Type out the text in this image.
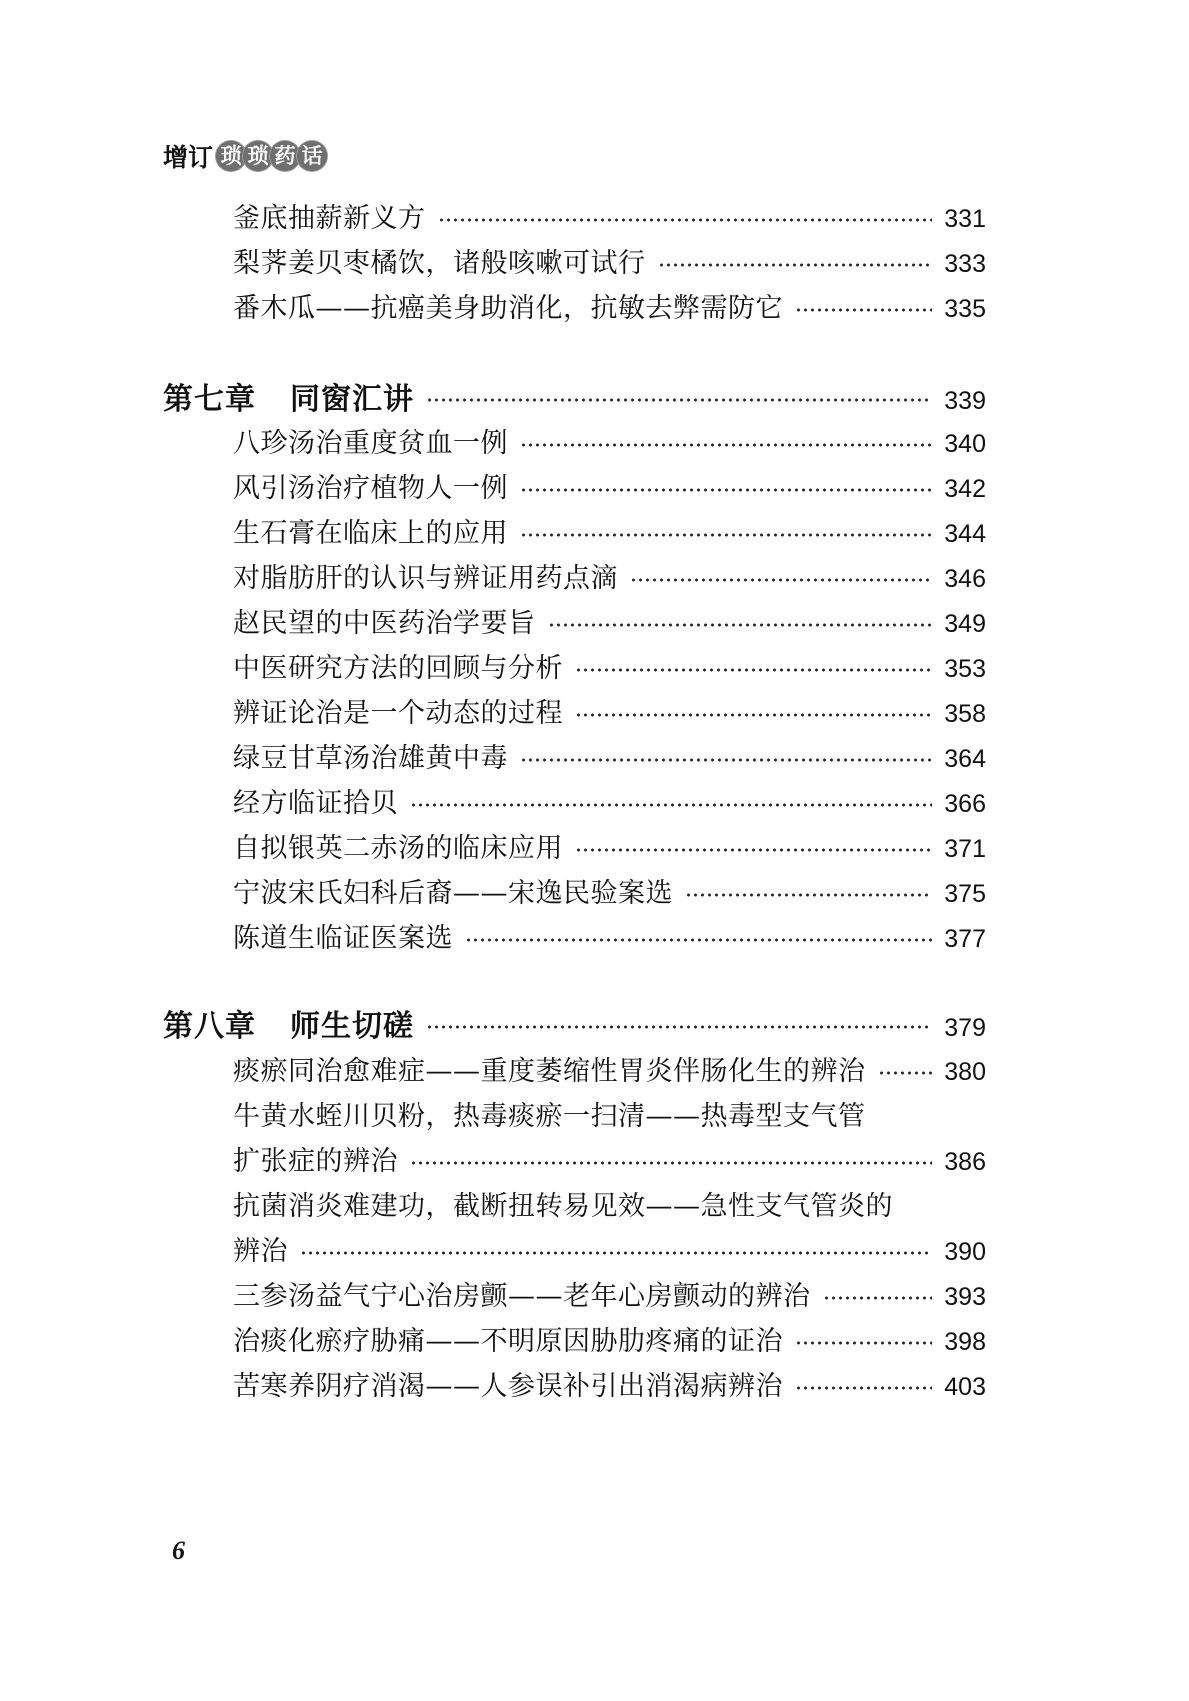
增订 琐 琐 药 话
釜底抽薪新义方	331
梨荠姜贝枣橘饮，诸般咳嗽可试行	333
番木瓜——抗癌美身助消化，抗敏去弊需防它	335
第七章 同窗汇讲	339
八珍汤治重度贫血一例	340
风引汤治疗植物人一例	342
生石膏在临床上的应用	344
对脂肪肝的认识与辨证用药点滴	346
赵民望的中医药治学要旨	349
中医研究方法的回顾与分析	353
辨证论治是一个动态的过程	358
绿豆甘草汤治雄黄中毒	364
经方临证拾贝	366
自拟银英二赤汤的临床应用	371
宁波宋氏妇科后裔——宋逸民验案选	375
陈道生临证医案选	377
第八章 师生切磋	379
痰瘀同治愈难症——重度萎缩性胃炎伴肠化生的辨治	380
牛黄水蛭川贝粉，热毒痰瘀一扫清——热毒型支气管
扩张症的辨治	386
抗菌消炎难建功，截断扭转易见效——急性支气管炎的
辨治	390
三参汤益气宁心治房颤——老年心房颤动的辨治	393
治痰化瘀疗胁痛——不明原因胁肋疼痛的证治	398
苦寒养阴疗消渴——人参误补引出消渴病辨治	403
6
